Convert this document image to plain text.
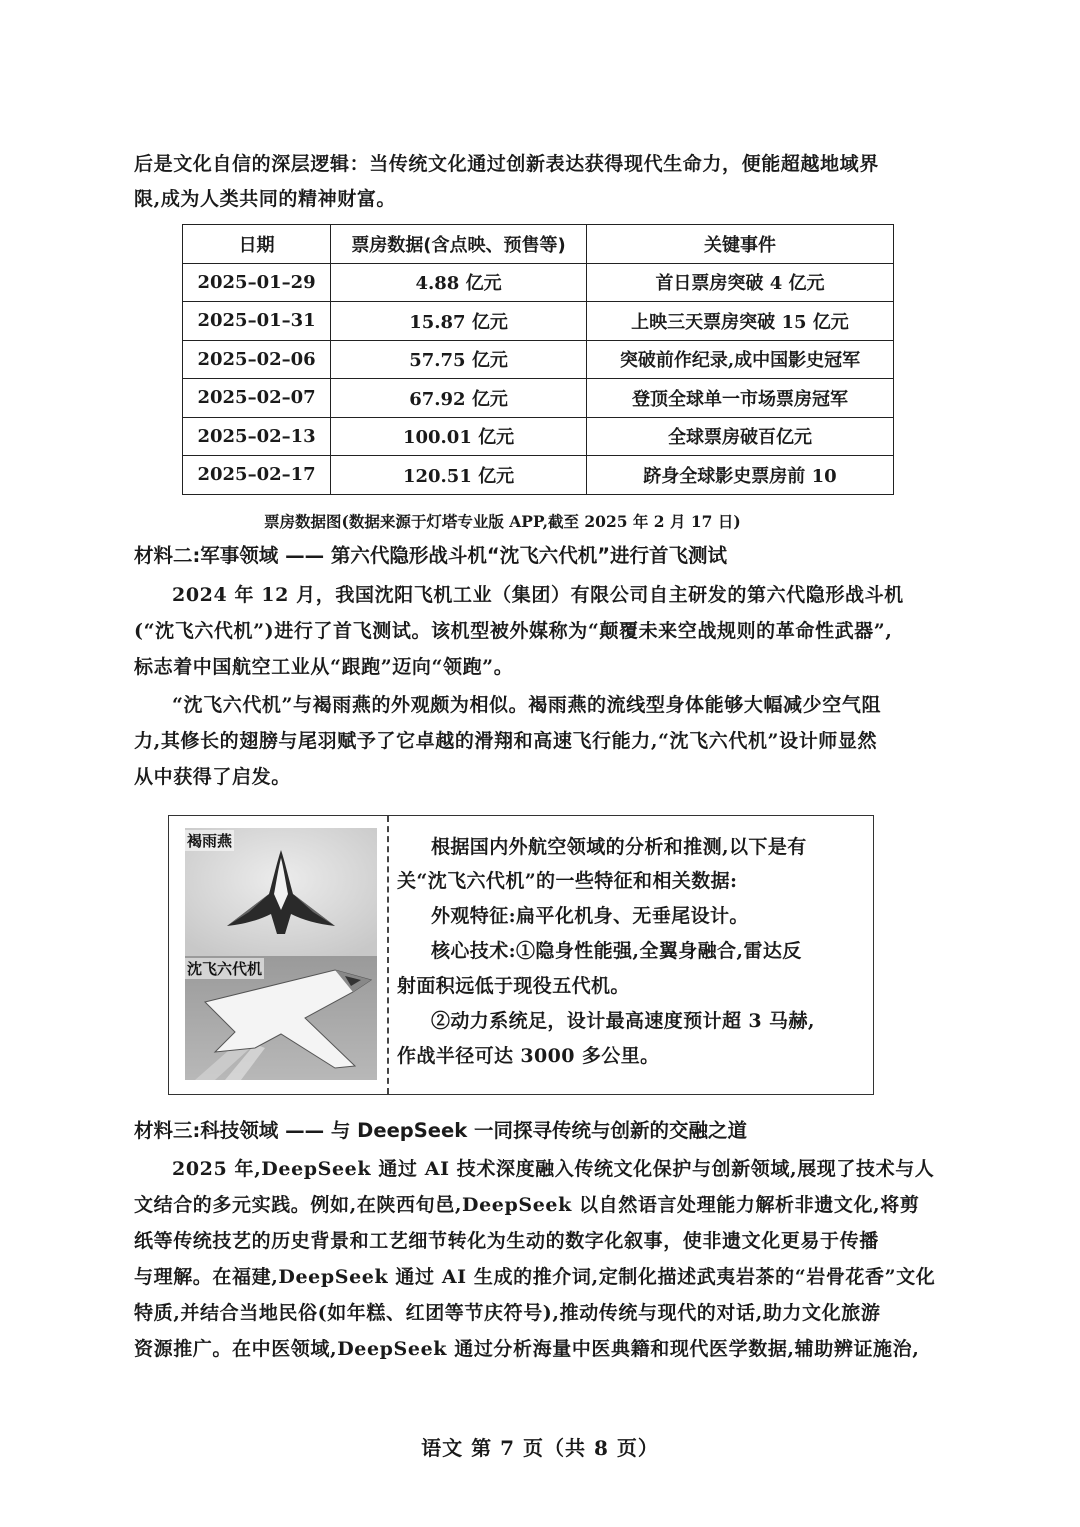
后是文化自信的深层逻辑：当传统文化通过创新表达获得现代生命力，便能超越地域界
限,成为人类共同的精神财富。
日期	票房数据(含点映、预售等)	关键事件
2025–01–29	4.88 亿元	首日票房突破 4 亿元
2025–01–31	15.87 亿元	上映三天票房突破 15 亿元
2025–02–06	57.75 亿元	突破前作纪录,成中国影史冠军
2025–02–07	67.92 亿元	登顶全球单一市场票房冠军
2025–02–13	100.01 亿元	全球票房破百亿元
2025–02–17	120.51 亿元	跻身全球影史票房前 10
票房数据图(数据来源于灯塔专业版 APP,截至 2025 年 2 月 17 日)
材料二:军事领域 —— 第六代隐形战斗机“沈飞六代机”进行首飞测试
2024 年 12 月，我国沈阳飞机工业（集团）有限公司自主研发的第六代隐形战斗机
(“沈飞六代机”)进行了首飞测试。该机型被外媒称为“颠覆未来空战规则的革命性武器”,
标志着中国航空工业从“跟跑”迈向“领跑”。
“沈飞六代机”与褐雨燕的外观颇为相似。褐雨燕的流线型身体能够大幅减少空气阻
力,其修长的翅膀与尾羽赋予了它卓越的滑翔和高速飞行能力,“沈飞六代机”设计师显然
从中获得了启发。
褐雨燕
沈飞六代机
根据国内外航空领域的分析和推测,以下是有
关“沈飞六代机”的一些特征和相关数据:
外观特征:扁平化机身、无垂尾设计。
核心技术:①隐身性能强,全翼身融合,雷达反
射面积远低于现役五代机。
②动力系统足，设计最高速度预计超 3 马赫,
作战半径可达 3000 多公里。
材料三:科技领域 —— 与 DeepSeek 一同探寻传统与创新的交融之道
2025 年,DeepSeek 通过 AI 技术深度融入传统文化保护与创新领域,展现了技术与人
文结合的多元实践。例如,在陕西旬邑,DeepSeek 以自然语言处理能力解析非遗文化,将剪
纸等传统技艺的历史背景和工艺细节转化为生动的数字化叙事，使非遗文化更易于传播
与理解。在福建,DeepSeek 通过 AI 生成的推介词,定制化描述武夷岩茶的“岩骨花香”文化
特质,并结合当地民俗(如年糕、红团等节庆符号),推动传统与现代的对话,助力文化旅游
资源推广。在中医领域,DeepSeek 通过分析海量中医典籍和现代医学数据,辅助辨证施治,
语文 第 7 页（共 8 页）
